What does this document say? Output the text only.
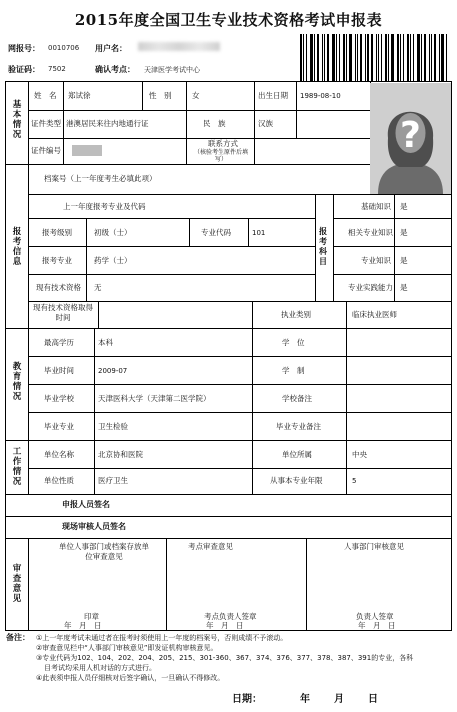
2015年度全国卫生专业技术资格考试申报表
网报号： 0010706 用户名：
验证码： 7502	确认考点： 天津医学考试中心
?
基本情况
报考信息
报考科目
教育情况
工作情况
审查意见
姓　名 郑试徐	性　别	女	出生日期 1989-08-10
证件类型 港澳居民来往内地通行证	民　族	汉族
证件编号
联系方式
（核验考生原件后填写）
档案号（上一年度考生必填此项）
上一年度报考专业及代码
报考级别	初级（士）	专业代码	101
报考专业	药学（士）
现有技术资格 无
现有技术资格取得时间	执业类别	临床执业医师
基础知识 是
相关专业知识 是
专业知识 是
专业实践能力 是
最高学历	本科	学　位
毕业时间	2009-07	学　制
毕业学校	天津医科大学（天津第二医学院）	学校备注
毕业专业	卫生检验	毕业专业备注
单位名称	北京协和医院	单位所属	中央
单位性质	医疗卫生	从事本专业年限	5
申报人员签名
现场审核人员签名
单位人事部门或档案存放单位审查意见
考点审查意见	人事部门审核意见
印章
年　月　日
考点负责人签章
年　月　日
负责人签章
年　月　日
备注： ①上一年度考试未通过者在报考时须使用上一年度的档案号，否则成绩不予滚动。
②审查意见栏中“人事部门审核意见”即发证机构审核意见。
③专业代码为102、104、202、204、205、215、301-360、367、374、376、377、378、387、391的专业，各科
目考试均采用人机对话的方式进行。
④此表须申报人员仔细核对后签字确认，一旦确认不得修改。
日期：	年 月 日
